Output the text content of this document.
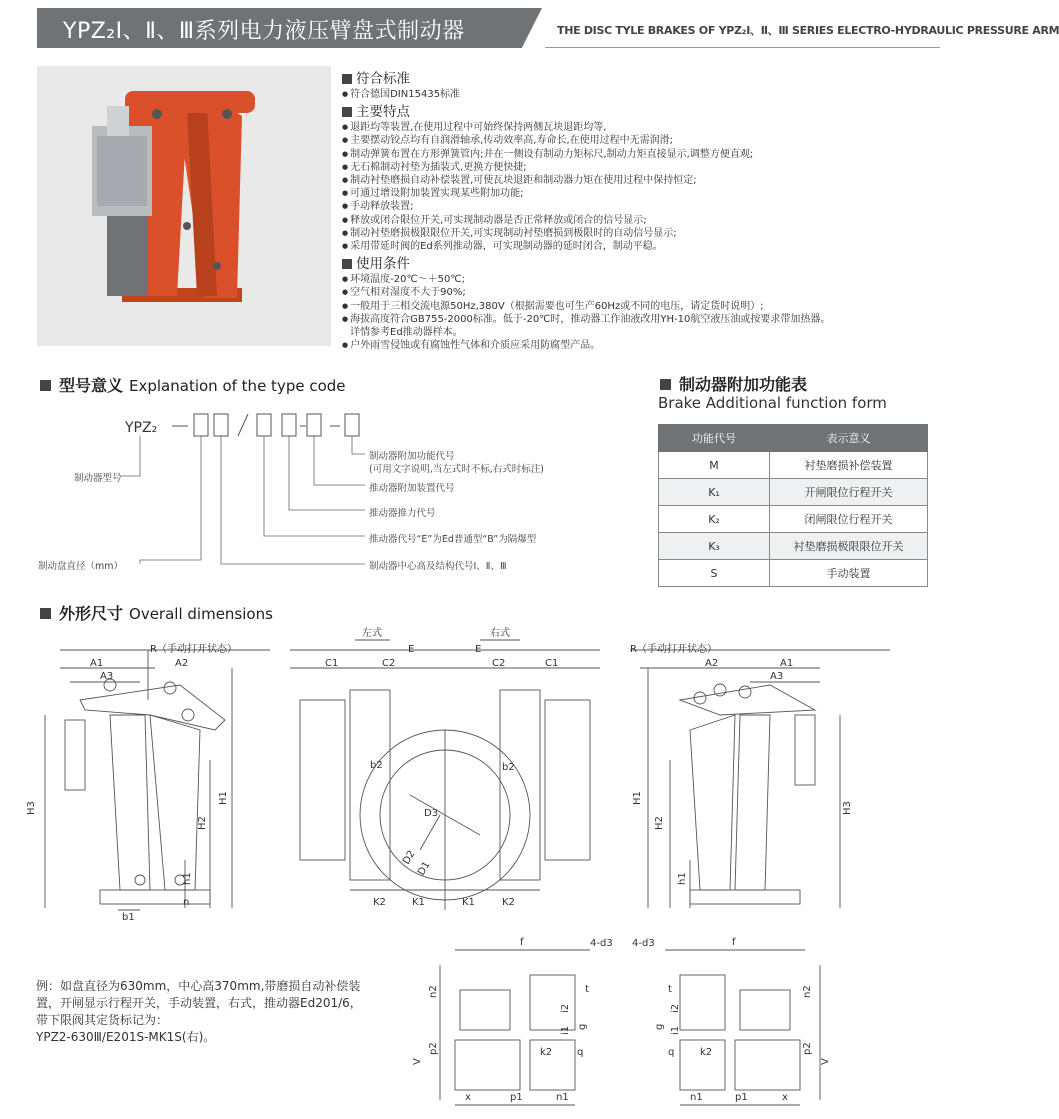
YPZ₂Ⅰ、Ⅱ、Ⅲ系列电力液压臂盘式制动器	THE DISC TYLE BRAKES OF YPZ₂Ⅰ、Ⅱ、Ⅲ SERIES ELECTRO-HYDRAULIC PRESSURE ARM
符合标准
● 符合德国DIN15435标准
主要特点
● 退距均等装置,在使用过程中可始终保持两侧瓦块退距均等,
● 主要摆动铰点均有自润滑轴承,传动效率高,寿命长,在使用过程中无需润滑;
● 制动弹簧布置在方形弹簧管内;并在一侧设有制动力矩标尺,制动力矩直接显示,调整方便直观;
● 无石棉制动衬垫为插装式,更换方便快捷;
● 制动衬垫磨损自动补偿装置,可使瓦块退距和制动器力矩在使用过程中保持恒定;
● 可通过增设附加装置实现某些附加功能;
● 手动释放装置;
● 释放或闭合限位开关,可实现制动器是否正常释放或闭合的信号显示;
● 制动衬垫磨损极限限位开关,可实现制动衬垫磨损到极限时的自动信号显示;
● 采用带延时阀的Ed系列推动器，可实现制动器的延时闭合，制动平稳。
使用条件
● 环境温度-20℃～＋50℃;
● 空气相对湿度不大于90%;
● 一般用于三相交流电源50Hz,380V（根据需要也可生产60Hz或不同的电压，请定货时说明）;
● 海拔高度符合GB755-2000标准。低于-20℃时，推动器工作油液改用YH-10航空液压油或按要求带加热器。
详情参考Ed推动器样本。
● 户外雨雪侵蚀或有腐蚀性气体和介质应采用防腐型产品。
型号意义 Explanation of the type code
YPZ₂
制动器附加功能代号
(可用文字说明,当左式时不标,右式时标注)
推动器附加装置代号
推动器推力代号
推动器代号“E”为Ed普通型“B”为隔爆型
制动器中心高及结构代号Ⅰ、Ⅱ、Ⅲ
制动器型号
制动盘直径（mm）
制动器附加功能表
Brake Additional function form
功能代号	表示意义
M	衬垫磨损补偿装置
K₁	开闸限位行程开关
K₂	闭闸限位行程开关
K₃	衬垫磨损极限限位开关
S	手动装置
外形尺寸 Overall dimensions
R（手动打开状态）
A1	A2
A3
H3
H1
H2
h1
b1
n
左式	右式
C1	C2
E	E
C2	C1
b2	b2
D3
D2
D1
K2	K1	K1	K2
R（手动打开状态）
A2	A1
A3
H1
H2
h1
H3
f	4-d3
n2
p2
V
t
i2
i1 g
k2 q
x	p1	n1
f
4-d3
n2
p2
V
t
i2
i1
g
k2
q
n1	p1	x
例：如盘直径为630mm，中心高370mm,带磨损自动补偿装置，开闸显示行程开关，手动装置，右式，推动器Ed201/6，带下限阀其定货标记为：
YPZ2-630Ⅲ/E201S-MK1S(右)。
